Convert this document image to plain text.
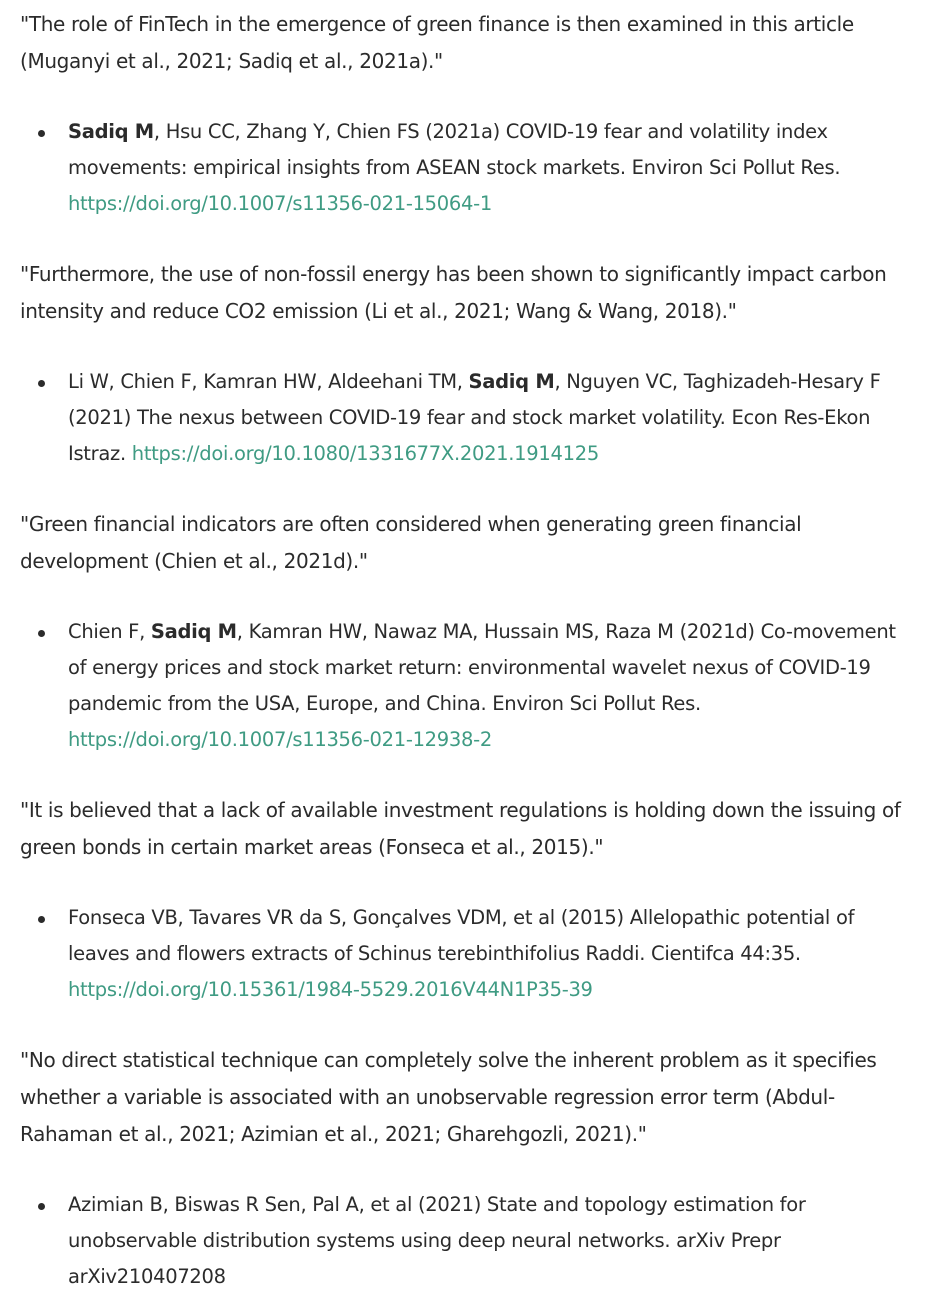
"The role of FinTech in the emergence of green finance is then examined in this article (Muganyi et al., 2021; Sadiq et al., 2021a)."

Sadiq M, Hsu CC, Zhang Y, Chien FS (2021a) COVID-19 fear and volatility index movements: empirical insights from ASEAN stock markets. Environ Sci Pollut Res. https://doi.org/10.1007/s11356-021-15064-1

"Furthermore, the use of non-fossil energy has been shown to significantly impact carbon intensity and reduce CO2 emission (Li et al., 2021; Wang & Wang, 2018)."

Li W, Chien F, Kamran HW, Aldeehani TM, Sadiq M, Nguyen VC, Taghizadeh-Hesary F (2021) The nexus between COVID-19 fear and stock market volatility. Econ Res-Ekon Istraz. https://doi.org/10.1080/1331677X.2021.1914125

"Green financial indicators are often considered when generating green financial development (Chien et al., 2021d)."

Chien F, Sadiq M, Kamran HW, Nawaz MA, Hussain MS, Raza M (2021d) Co-movement of energy prices and stock market return: environmental wavelet nexus of COVID-19 pandemic from the USA, Europe, and China. Environ Sci Pollut Res. https://doi.org/10.1007/s11356-021-12938-2

"It is believed that a lack of available investment regulations is holding down the issuing of green bonds in certain market areas (Fonseca et al., 2015)."

Fonseca VB, Tavares VR da S, Gonçalves VDM, et al (2015) Allelopathic potential of leaves and flowers extracts of Schinus terebinthifolius Raddi. Cientifca 44:35. https://doi.org/10.15361/1984-5529.2016V44N1P35-39

"No direct statistical technique can completely solve the inherent problem as it specifies whether a variable is associated with an unobservable regression error term (Abdul-Rahaman et al., 2021; Azimian et al., 2021; Gharehgozli, 2021)."

Azimian B, Biswas R Sen, Pal A, et al (2021) State and topology estimation for unobservable distribution systems using deep neural networks. arXiv Prepr arXiv210407208
